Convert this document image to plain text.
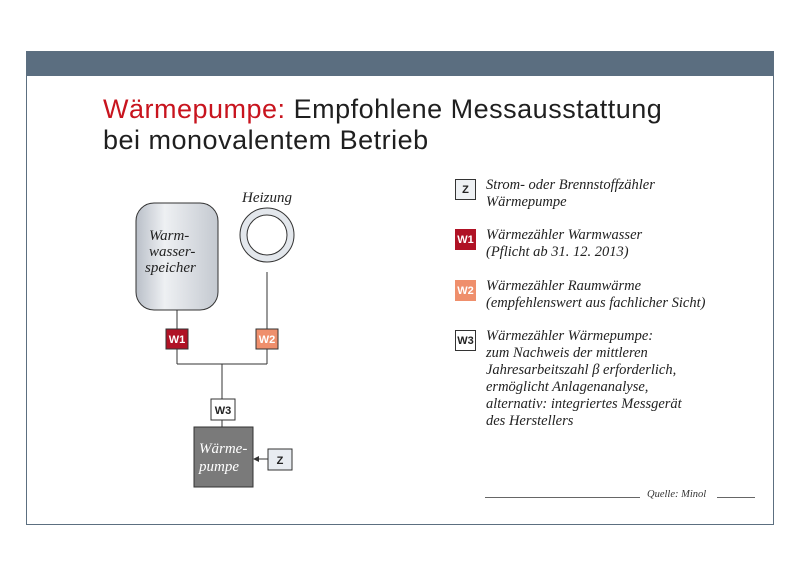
Wärmepumpe: Empfohlene Messausstattung
bei monovalentem Betrieb
Warm- wasser- speicher
Heizung
W1	W2
W3
Wärme- pumpe	Z
Z	Strom- oder Brennstoffzähler
Wärmepumpe
W1 Wärmezähler Warmwasser
(Pflicht ab 31. 12. 2013)
W2 Wärmezähler Raumwärme
(empfehlenswert aus fachlicher Sicht)
W3 Wärmezähler Wärmepumpe:
zum Nachweis der mittleren
Jahresarbeitszahl β erforderlich,
ermöglicht Anlagenanalyse,
alternativ: integriertes Messgerät
des Herstellers
Quelle: Minol
